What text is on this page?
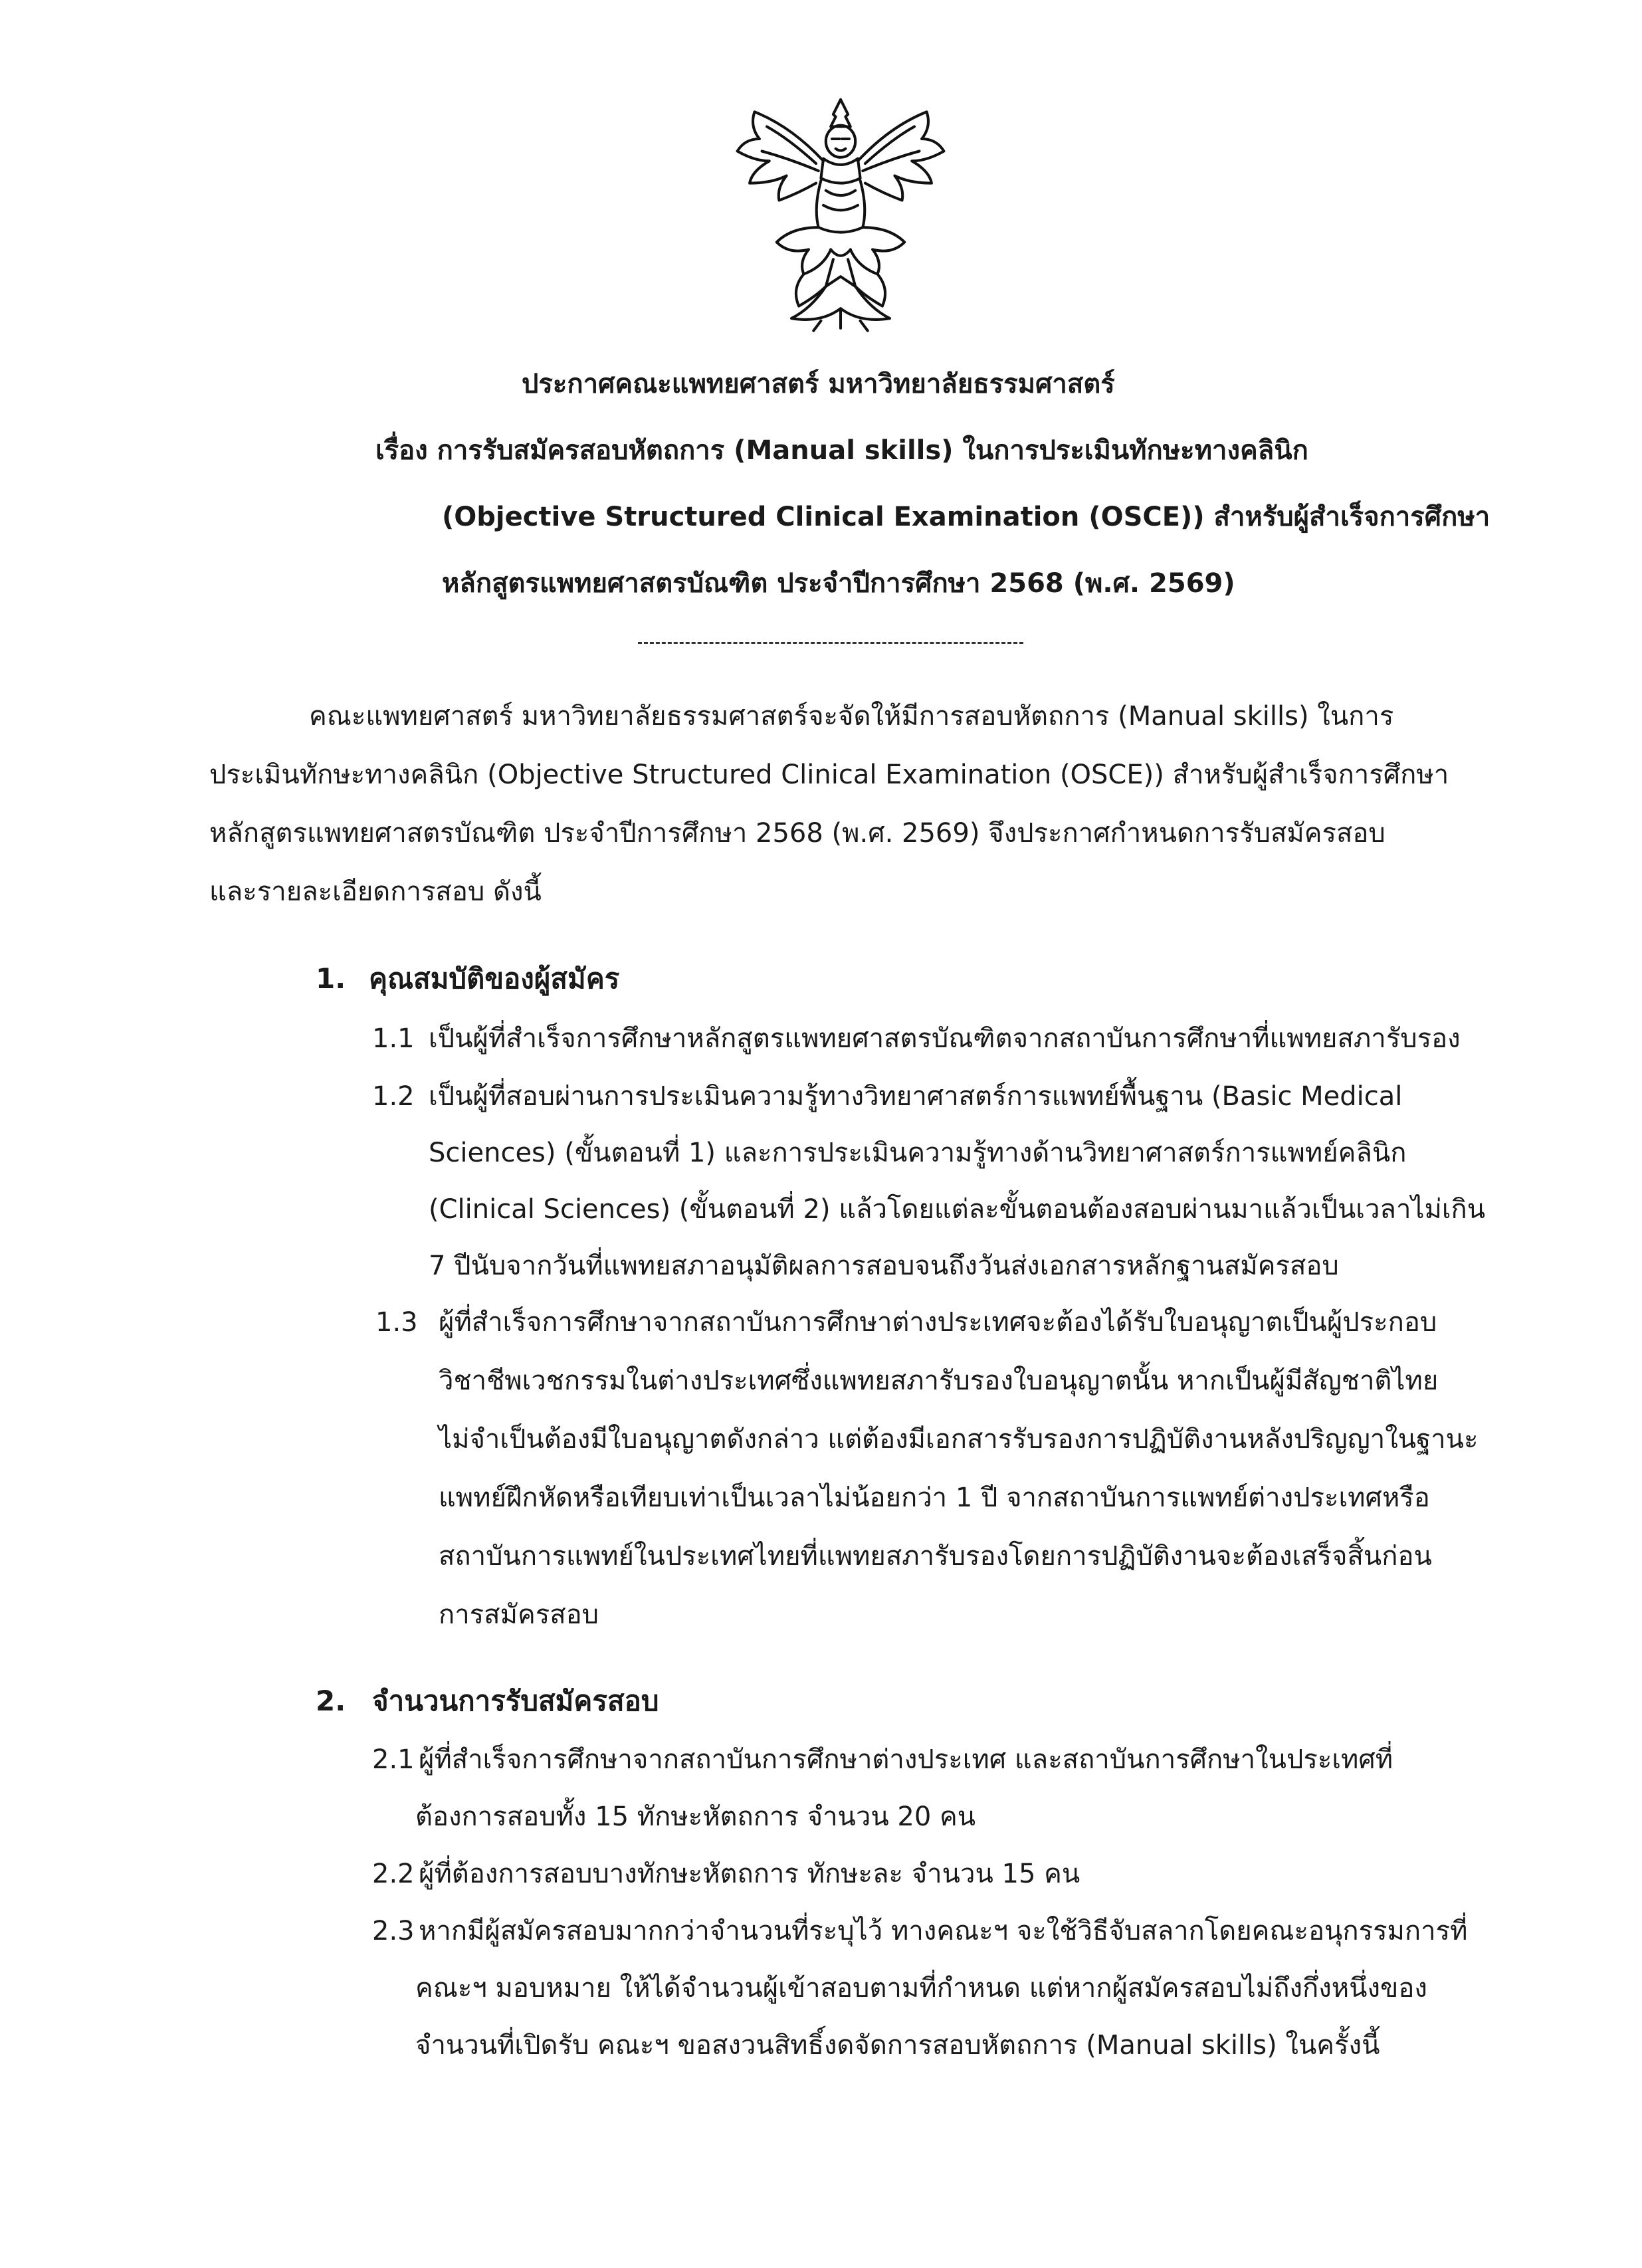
ประกาศคณะแพทยศาสตร์ มหาวิทยาลัยธรรมศาสตร์
เรื่อง การรับสมัครสอบหัตถการ (Manual skills) ในการประเมินทักษะทางคลินิก
(Objective Structured Clinical Examination (OSCE)) สำหรับผู้สำเร็จการศึกษา
หลักสูตรแพทยศาสตรบัณฑิต ประจำปีการศึกษา 2568 (พ.ศ. 2569)
คณะแพทยศาสตร์ มหาวิทยาลัยธรรมศาสตร์จะจัดให้มีการสอบหัตถการ (Manual skills) ในการ
ประเมินทักษะทางคลินิก (Objective Structured Clinical Examination (OSCE)) สำหรับผู้สำเร็จการศึกษา
หลักสูตรแพทยศาสตรบัณฑิต ประจำปีการศึกษา 2568 (พ.ศ. 2569) จึงประกาศกำหนดการรับสมัครสอบ
และรายละเอียดการสอบ ดังนี้
1. คุณสมบัติของผู้สมัคร
1.1 เป็นผู้ที่สำเร็จการศึกษาหลักสูตรแพทยศาสตรบัณฑิตจากสถาบันการศึกษาที่แพทยสภารับรอง
1.2 เป็นผู้ที่สอบผ่านการประเมินความรู้ทางวิทยาศาสตร์การแพทย์พื้นฐาน (Basic Medical
Sciences) (ขั้นตอนที่ 1) และการประเมินความรู้ทางด้านวิทยาศาสตร์การแพทย์คลินิก
(Clinical Sciences) (ขั้นตอนที่ 2) แล้วโดยแต่ละขั้นตอนต้องสอบผ่านมาแล้วเป็นเวลาไม่เกิน
7 ปีนับจากวันที่แพทยสภาอนุมัติผลการสอบจนถึงวันส่งเอกสารหลักฐานสมัครสอบ
1.3 ผู้ที่สำเร็จการศึกษาจากสถาบันการศึกษาต่างประเทศจะต้องได้รับใบอนุญาตเป็นผู้ประกอบ
วิชาชีพเวชกรรมในต่างประเทศซึ่งแพทยสภารับรองใบอนุญาตนั้น หากเป็นผู้มีสัญชาติไทย
ไม่จำเป็นต้องมีใบอนุญาตดังกล่าว แต่ต้องมีเอกสารรับรองการปฏิบัติงานหลังปริญญาในฐานะ
แพทย์ฝึกหัดหรือเทียบเท่าเป็นเวลาไม่น้อยกว่า 1 ปี จากสถาบันการแพทย์ต่างประเทศหรือ
สถาบันการแพทย์ในประเทศไทยที่แพทยสภารับรองโดยการปฏิบัติงานจะต้องเสร็จสิ้นก่อน
การสมัครสอบ
2. จำนวนการรับสมัครสอบ
2.1 ผู้ที่สำเร็จการศึกษาจากสถาบันการศึกษาต่างประเทศ และสถาบันการศึกษาในประเทศที่
ต้องการสอบทั้ง 15 ทักษะหัตถการ จำนวน 20 คน
2.2 ผู้ที่ต้องการสอบบางทักษะหัตถการ ทักษะละ จำนวน 15 คน
2.3 หากมีผู้สมัครสอบมากกว่าจำนวนที่ระบุไว้ ทางคณะฯ จะใช้วิธีจับสลากโดยคณะอนุกรรมการที่
คณะฯ มอบหมาย ให้ได้จำนวนผู้เข้าสอบตามที่กำหนด แต่หากผู้สมัครสอบไม่ถึงกึ่งหนึ่งของ
จำนวนที่เปิดรับ คณะฯ ขอสงวนสิทธิ์งดจัดการสอบหัตถการ (Manual skills) ในครั้งนี้
